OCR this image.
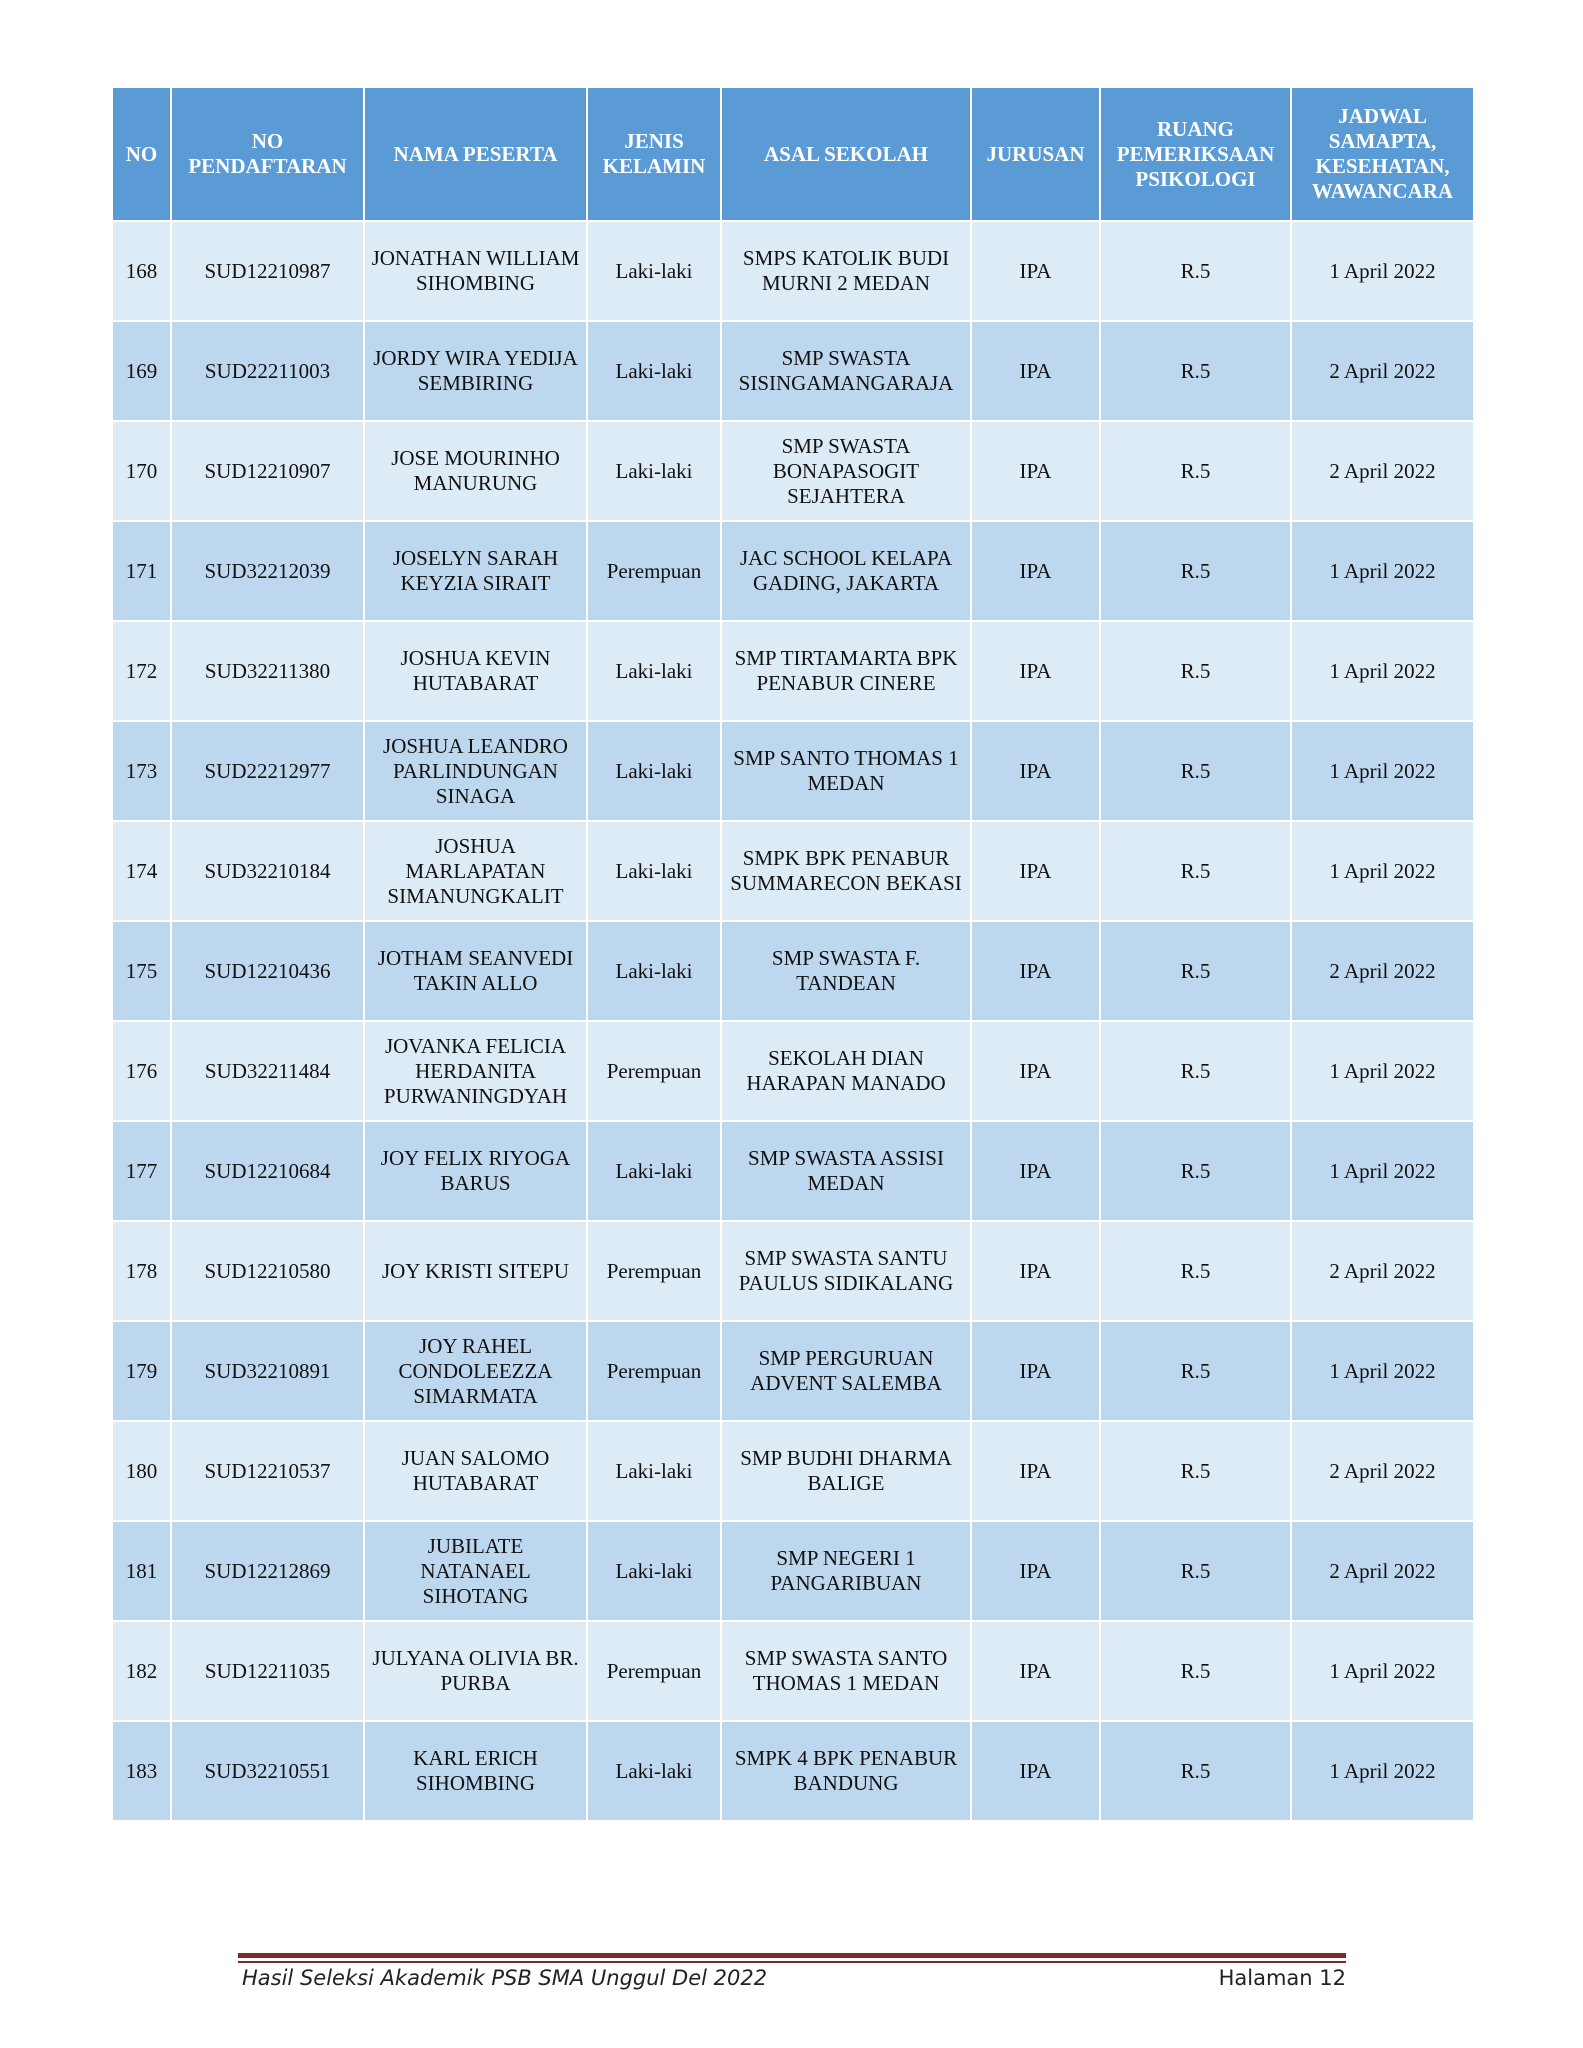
NO	NO PENDAFTARAN	NAMA PESERTA	JENIS KELAMIN	ASAL SEKOLAH	JURUSAN	RUANG PEMERIKSAAN PSIKOLOGI	JADWAL SAMAPTA, KESEHATAN, WAWANCARA
168	SUD12210987	JONATHAN WILLIAM SIHOMBING	Laki-laki	SMPS KATOLIK BUDI MURNI 2 MEDAN	IPA	R.5	1 April 2022
169	SUD22211003	JORDY WIRA YEDIJA SEMBIRING	Laki-laki	SMP SWASTA SISINGAMANGARAJA	IPA	R.5	2 April 2022
170	SUD12210907	JOSE MOURINHO MANURUNG	Laki-laki	SMP SWASTA BONAPASOGIT SEJAHTERA	IPA	R.5	2 April 2022
171	SUD32212039	JOSELYN SARAH KEYZIA SIRAIT	Perempuan	JAC SCHOOL KELAPA GADING, JAKARTA	IPA	R.5	1 April 2022
172	SUD32211380	JOSHUA KEVIN HUTABARAT	Laki-laki	SMP TIRTAMARTA BPK PENABUR CINERE	IPA	R.5	1 April 2022
173	SUD22212977	JOSHUA LEANDRO PARLINDUNGAN SINAGA	Laki-laki	SMP SANTO THOMAS 1 MEDAN	IPA	R.5	1 April 2022
174	SUD32210184	JOSHUA MARLAPATAN SIMANUNGKALIT	Laki-laki	SMPK BPK PENABUR SUMMARECON BEKASI	IPA	R.5	1 April 2022
175	SUD12210436	JOTHAM SEANVEDI TAKIN ALLO	Laki-laki	SMP SWASTA F. TANDEAN	IPA	R.5	2 April 2022
176	SUD32211484	JOVANKA FELICIA HERDANITA PURWANINGDYAH	Perempuan	SEKOLAH DIAN HARAPAN MANADO	IPA	R.5	1 April 2022
177	SUD12210684	JOY FELIX RIYOGA BARUS	Laki-laki	SMP SWASTA ASSISI MEDAN	IPA	R.5	1 April 2022
178	SUD12210580	JOY KRISTI SITEPU	Perempuan	SMP SWASTA SANTU PAULUS SIDIKALANG	IPA	R.5	2 April 2022
179	SUD32210891	JOY RAHEL CONDOLEEZZA SIMARMATA	Perempuan	SMP PERGURUAN ADVENT SALEMBA	IPA	R.5	1 April 2022
180	SUD12210537	JUAN SALOMO HUTABARAT	Laki-laki	SMP BUDHI DHARMA BALIGE	IPA	R.5	2 April 2022
181	SUD12212869	JUBILATE NATANAEL SIHOTANG	Laki-laki	SMP NEGERI 1 PANGARIBUAN	IPA	R.5	2 April 2022
182	SUD12211035	JULYANA OLIVIA BR. PURBA	Perempuan	SMP SWASTA SANTO THOMAS 1 MEDAN	IPA	R.5	1 April 2022
183	SUD32210551	KARL ERICH SIHOMBING	Laki-laki	SMPK 4 BPK PENABUR BANDUNG	IPA	R.5	1 April 2022
Hasil Seleksi Akademik PSB SMA Unggul Del 2022	Halaman 12
